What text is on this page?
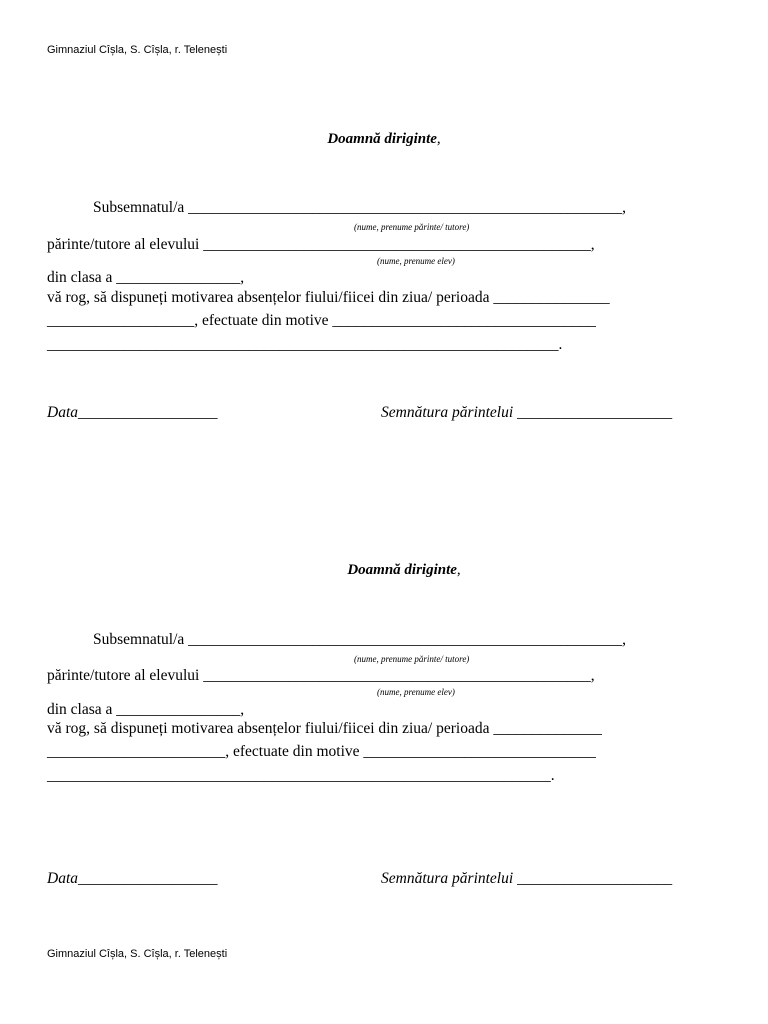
Gimnaziul Cîșla, S. Cîșla, r. Telenești
Doamnă diriginte,
Subsemnatul/a ________________________________________________________,
(nume, prenume părinte/ tutore)
părinte/tutore al elevului __________________________________________________,
(nume, prenume elev)
din clasa a ________________,
vă rog, să dispuneți motivarea absențelor fiului/fiicei din ziua/ perioada _______________
___________________, efectuate din motive __________________________________
__________________________________________________________________.
Data__________________	Semnătura părintelui ____________________
Doamnă diriginte,
Subsemnatul/a ________________________________________________________,
(nume, prenume părinte/ tutore)
părinte/tutore al elevului __________________________________________________,
(nume, prenume elev)
din clasa a ________________,
vă rog, să dispuneți motivarea absențelor fiului/fiicei din ziua/ perioada ______________
_______________________, efectuate din motive ______________________________
_________________________________________________________________.
Data__________________	Semnătura părintelui ____________________
Gimnaziul Cîșla, S. Cîșla, r. Telenești
